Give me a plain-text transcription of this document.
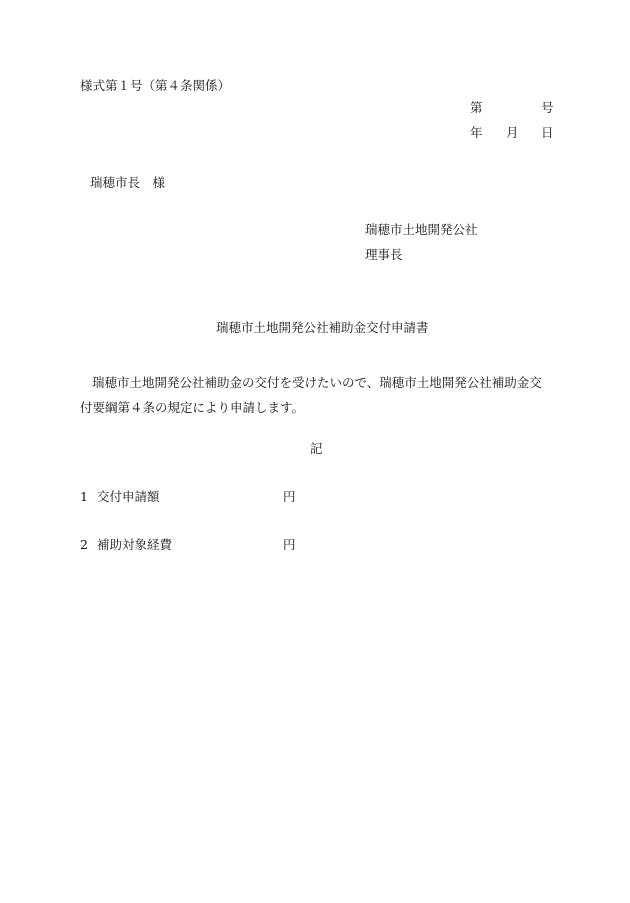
様式第１号（第４条関係）
第	号
年 月 日
瑞穂市長　様
瑞穂市土地開発公社
理事長
瑞穂市土地開発公社補助金交付申請書
瑞穂市土地開発公社補助金の交付を受けたいので、瑞穂市土地開発公社補助金交付要綱第４条の規定により申請します。
記
1 交付申請額	円
2 補助対象経費	円
